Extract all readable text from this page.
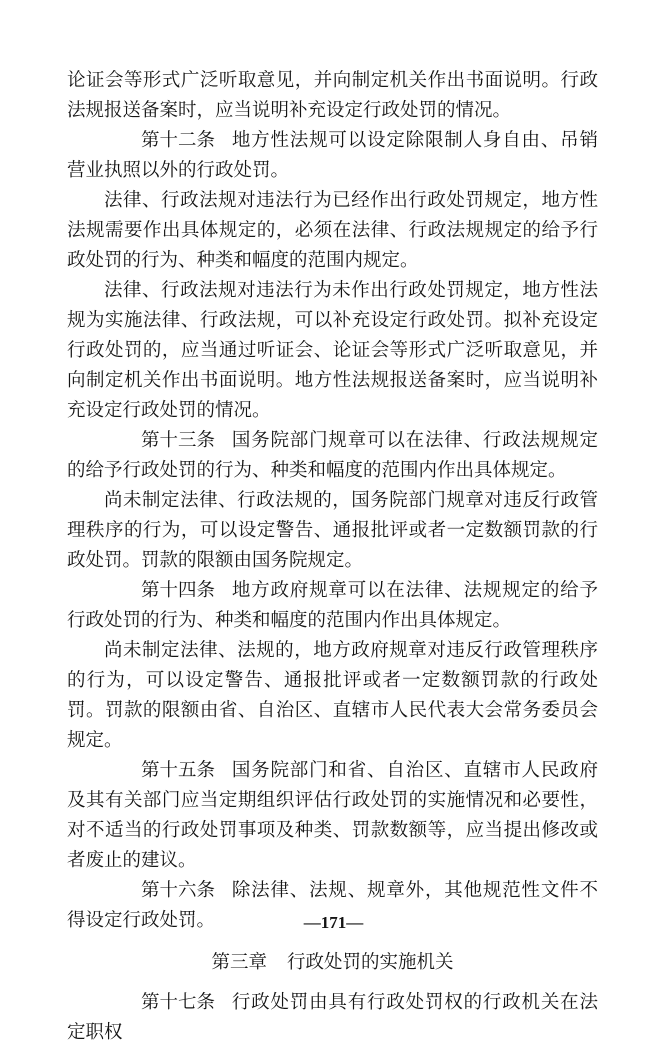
论证会等形式广泛听取意见，并向制定机关作出书面说明。行政法规报送备案时，应当说明补充设定行政处罚的情况。

第十二条 地方性法规可以设定除限制人身自由、吊销营业执照以外的行政处罚。

法律、行政法规对违法行为已经作出行政处罚规定，地方性法规需要作出具体规定的，必须在法律、行政法规规定的给予行政处罚的行为、种类和幅度的范围内规定。

法律、行政法规对违法行为未作出行政处罚规定，地方性法规为实施法律、行政法规，可以补充设定行政处罚。拟补充设定行政处罚的，应当通过听证会、论证会等形式广泛听取意见，并向制定机关作出书面说明。地方性法规报送备案时，应当说明补充设定行政处罚的情况。

第十三条 国务院部门规章可以在法律、行政法规规定的给予行政处罚的行为、种类和幅度的范围内作出具体规定。

尚未制定法律、行政法规的，国务院部门规章对违反行政管理秩序的行为，可以设定警告、通报批评或者一定数额罚款的行政处罚。罚款的限额由国务院规定。

第十四条 地方政府规章可以在法律、法规规定的给予行政处罚的行为、种类和幅度的范围内作出具体规定。

尚未制定法律、法规的，地方政府规章对违反行政管理秩序的行为，可以设定警告、通报批评或者一定数额罚款的行政处罚。罚款的限额由省、自治区、直辖市人民代表大会常务委员会规定。

第十五条 国务院部门和省、自治区、直辖市人民政府及其有关部门应当定期组织评估行政处罚的实施情况和必要性，对不适当的行政处罚事项及种类、罚款数额等，应当提出修改或者废止的建议。

第十六条 除法律、法规、规章外，其他规范性文件不得设定行政处罚。

第三章 行政处罚的实施机关

第十七条 行政处罚由具有行政处罚权的行政机关在法定职权

—171—
